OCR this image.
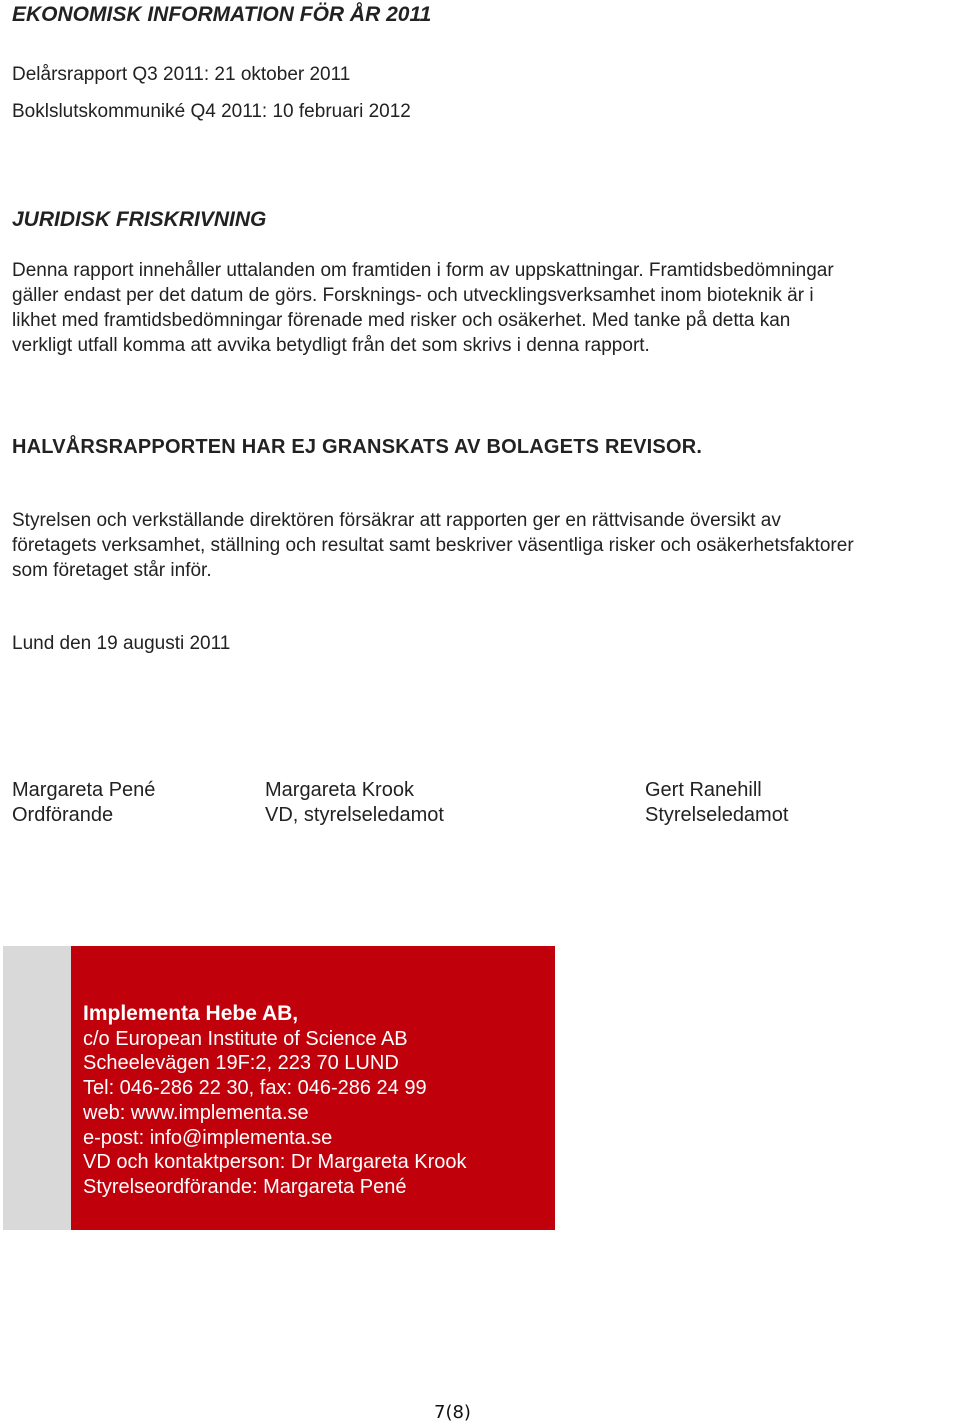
EKONOMISK INFORMATION FÖR ÅR 2011

Delårsrapport Q3 2011: 21 oktober 2011

Boklslutskommuniké Q4 2011: 10 februari 2012

JURIDISK FRISKRIVNING

Denna rapport innehåller uttalanden om framtiden i form av uppskattningar. Framtidsbedömningar

gäller endast per det datum de görs. Forsknings- och utvecklingsverksamhet inom bioteknik är i

likhet med framtidsbedömningar förenade med risker och osäkerhet. Med tanke på detta kan

verkligt utfall komma att avvika betydligt från det som skrivs i denna rapport.

HALVÅRSRAPPORTEN HAR EJ GRANSKATS AV BOLAGETS REVISOR.

Styrelsen och verkställande direktören försäkrar att rapporten ger en rättvisande översikt av

företagets verksamhet, ställning och resultat samt beskriver väsentliga risker och osäkerhetsfaktorer

som företaget står inför.

Lund den 19 augusti 2011

Margareta Pené
Ordförande
Margareta Krook
VD, styrelseledamot
Gert Ranehill
Styrelseledamot
Implementa Hebe AB,
c/o European Institute of Science AB
Scheelevägen 19F:2, 223 70 LUND
Tel: 046-286 22 30, fax: 046-286 24 99
web: www.implementa.se
e-post: info@implementa.se
VD och kontaktperson: Dr Margareta Krook
Styrelseordförande: Margareta Pené
7(8)
